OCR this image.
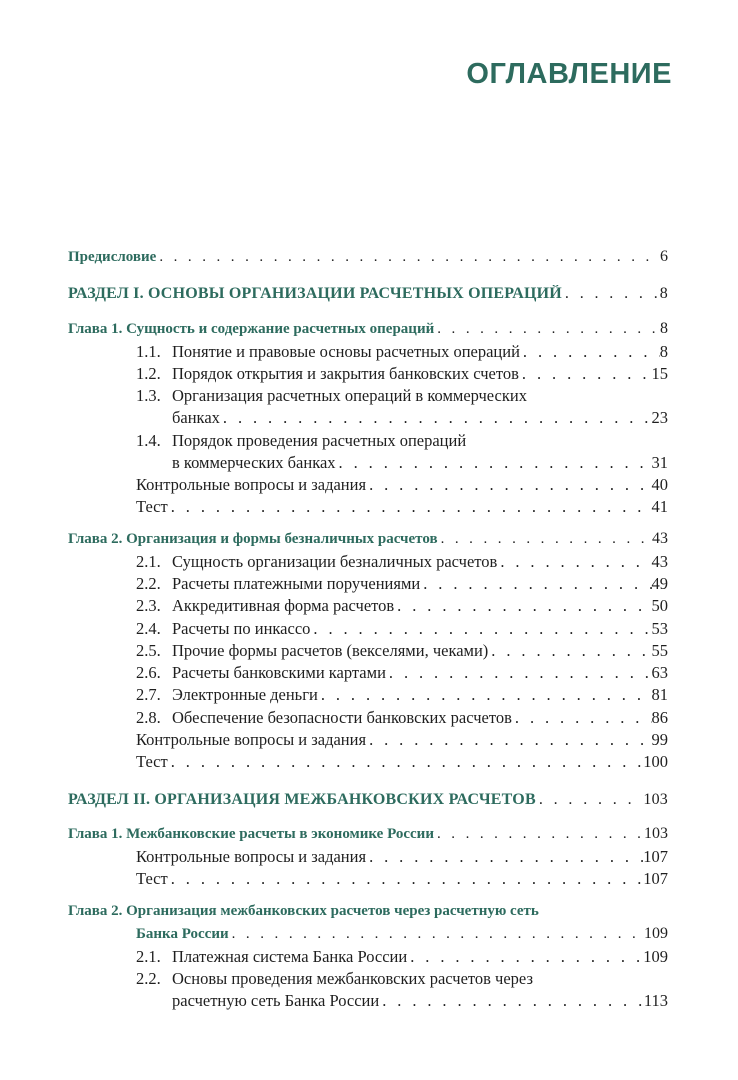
ОГЛАВЛЕНИЕ
Предисловие . . .	6
РАЗДЕЛ I. ОСНОВЫ ОРГАНИЗАЦИИ РАСЧЕТНЫХ ОПЕРАЦИЙ . . .	8
Глава 1. Сущность и содержание расчетных операций . . .	8
1.1. Понятие и правовые основы расчетных операций . . .	8
1.2. Порядок открытия и закрытия банковских счетов . . .	15
1.3. Организация расчетных операций в коммерческих
банках . . .	23
1.4. Порядок проведения расчетных операций
в коммерческих банках . . .	31
Контрольные вопросы и задания . . .	40
Тест . . .	41
Глава 2. Организация и формы безналичных расчетов . . .	43
2.1. Сущность организации безналичных расчетов . . .	43
2.2. Расчеты платежными поручениями . . .	49
2.3. Аккредитивная форма расчетов . . .	50
2.4. Расчеты по инкассо . . .	53
2.5. Прочие формы расчетов (векселями, чеками) . . .	55
2.6. Расчеты банковскими картами . . .	63
2.7. Электронные деньги . . .	81
2.8. Обеспечение безопасности банковских расчетов . . .	86
Контрольные вопросы и задания . . .	99
Тест . . .	100
РАЗДЕЛ II. ОРГАНИЗАЦИЯ МЕЖБАНКОВСКИХ РАСЧЕТОВ . . .	103
Глава 1. Межбанковские расчеты в экономике России . . .	103
Контрольные вопросы и задания . . .	107
Тест . . .	107
Глава 2. Организация межбанковских расчетов через расчетную сеть
Банка России . . .	109
2.1. Платежная система Банка России . . .	109
2.2. Основы проведения межбанковских расчетов через
расчетную сеть Банка России . . .	113
